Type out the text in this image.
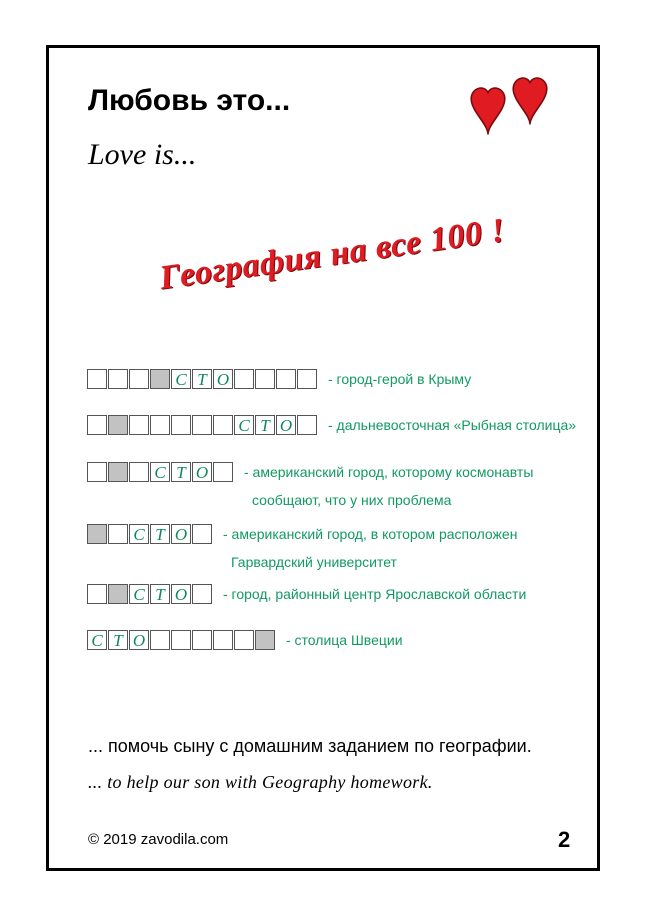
Любовь это...
Love is...
География на все 100 !
С Т О	- город-герой в Крыму
С Т О	- дальневосточная «Рыбная столица»
С Т О	- американский город, которому космонавты
сообщают, что у них проблема
С Т О	- американский город, в котором расположен
Гарвардский университет
С Т О	- город, районный центр Ярославской области
С Т О	- столица Швеции
... помочь сыну с домашним заданием по географии.
... to help our son with Geography homework.
© 2019 zavodila.com	2
